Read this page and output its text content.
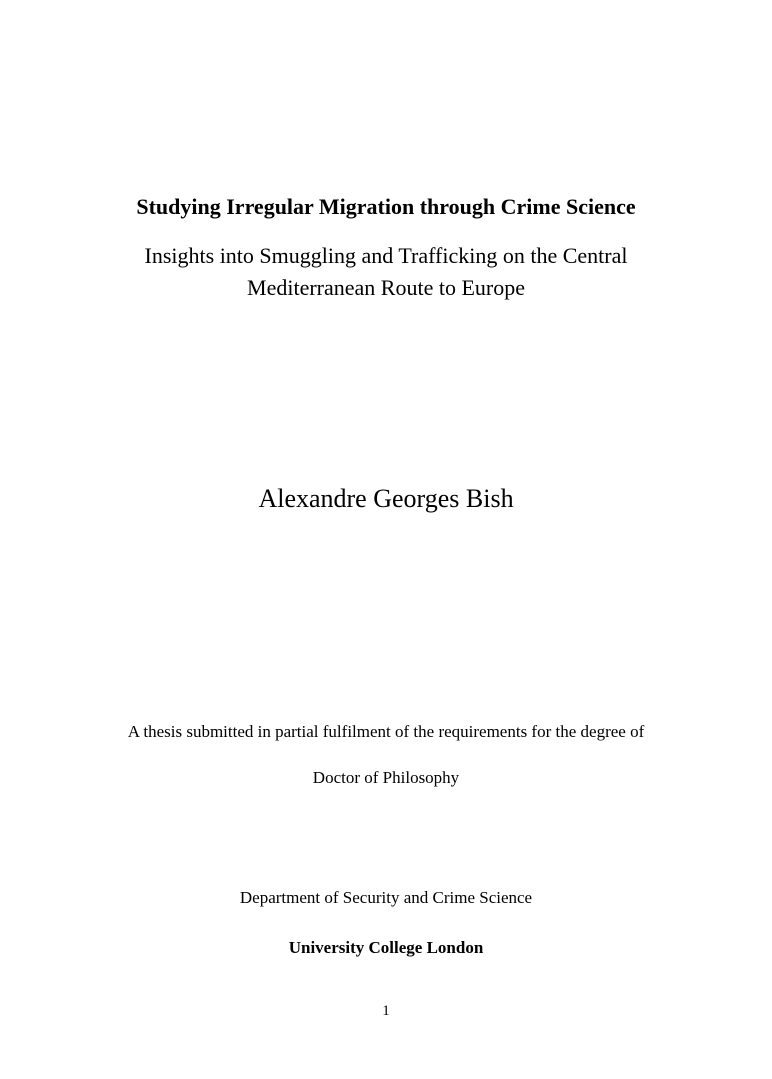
Studying Irregular Migration through Crime Science
Insights into Smuggling and Trafficking on the Central
Mediterranean Route to Europe
Alexandre Georges Bish
A thesis submitted in partial fulfilment of the requirements for the degree of
Doctor of Philosophy
Department of Security and Crime Science
University College London
1
